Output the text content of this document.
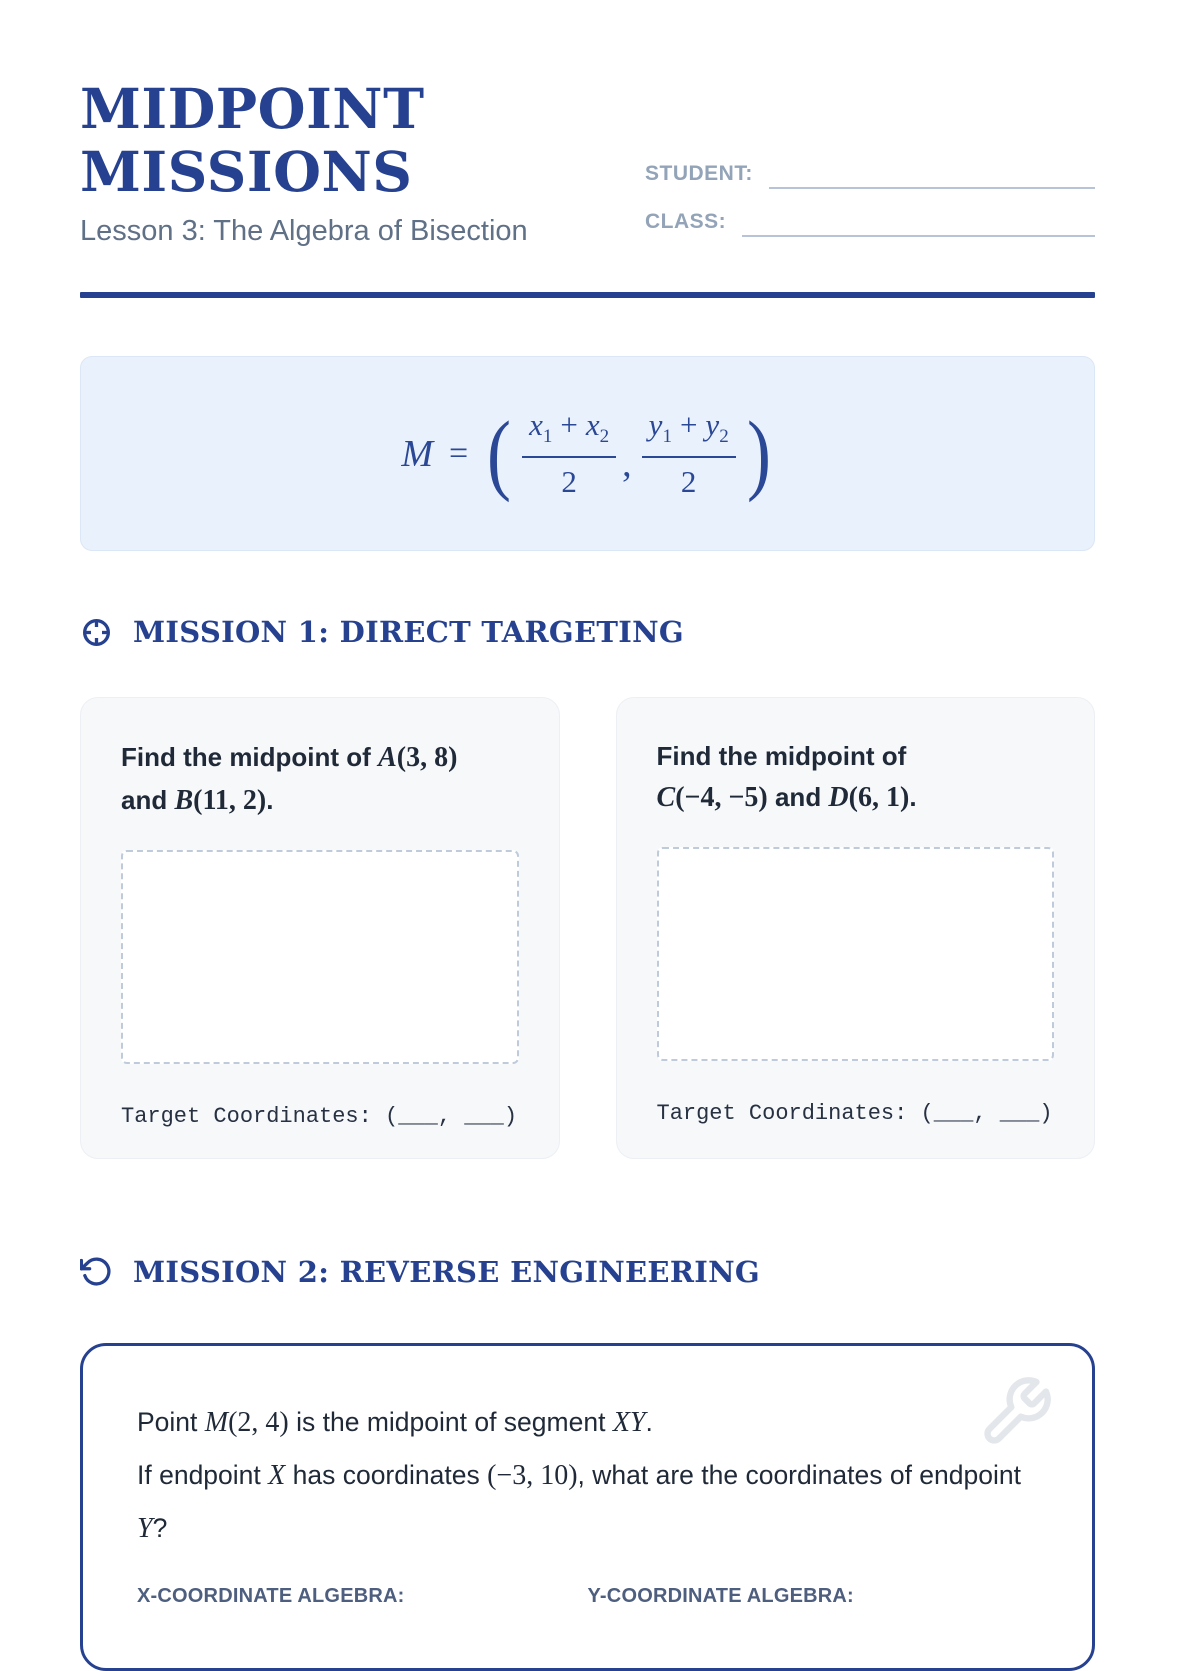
MIDPOINT
MISSIONS
Lesson 3: The Algebra of Bisection
STUDENT:
CLASS:
M = ( $\frac{x_1 + x_2}{2}$ , $\frac{y_1 + y_2}{2}$ )
MISSION 1: DIRECT TARGETING

Find the midpoint of A(3, 8)
and B(11, 2).

Target Coordinates: (___, ___)

Find the midpoint of
C(−4, −5) and D(6, 1).

Target Coordinates: (___, ___)

MISSION 2: REVERSE ENGINEERING

Point M(2, 4) is the midpoint of segment XY.

If endpoint X has coordinates (−3, 10), what are the coordinates of endpoint Y?

X-COORDINATE ALGEBRA:	Y-COORDINATE ALGEBRA:
